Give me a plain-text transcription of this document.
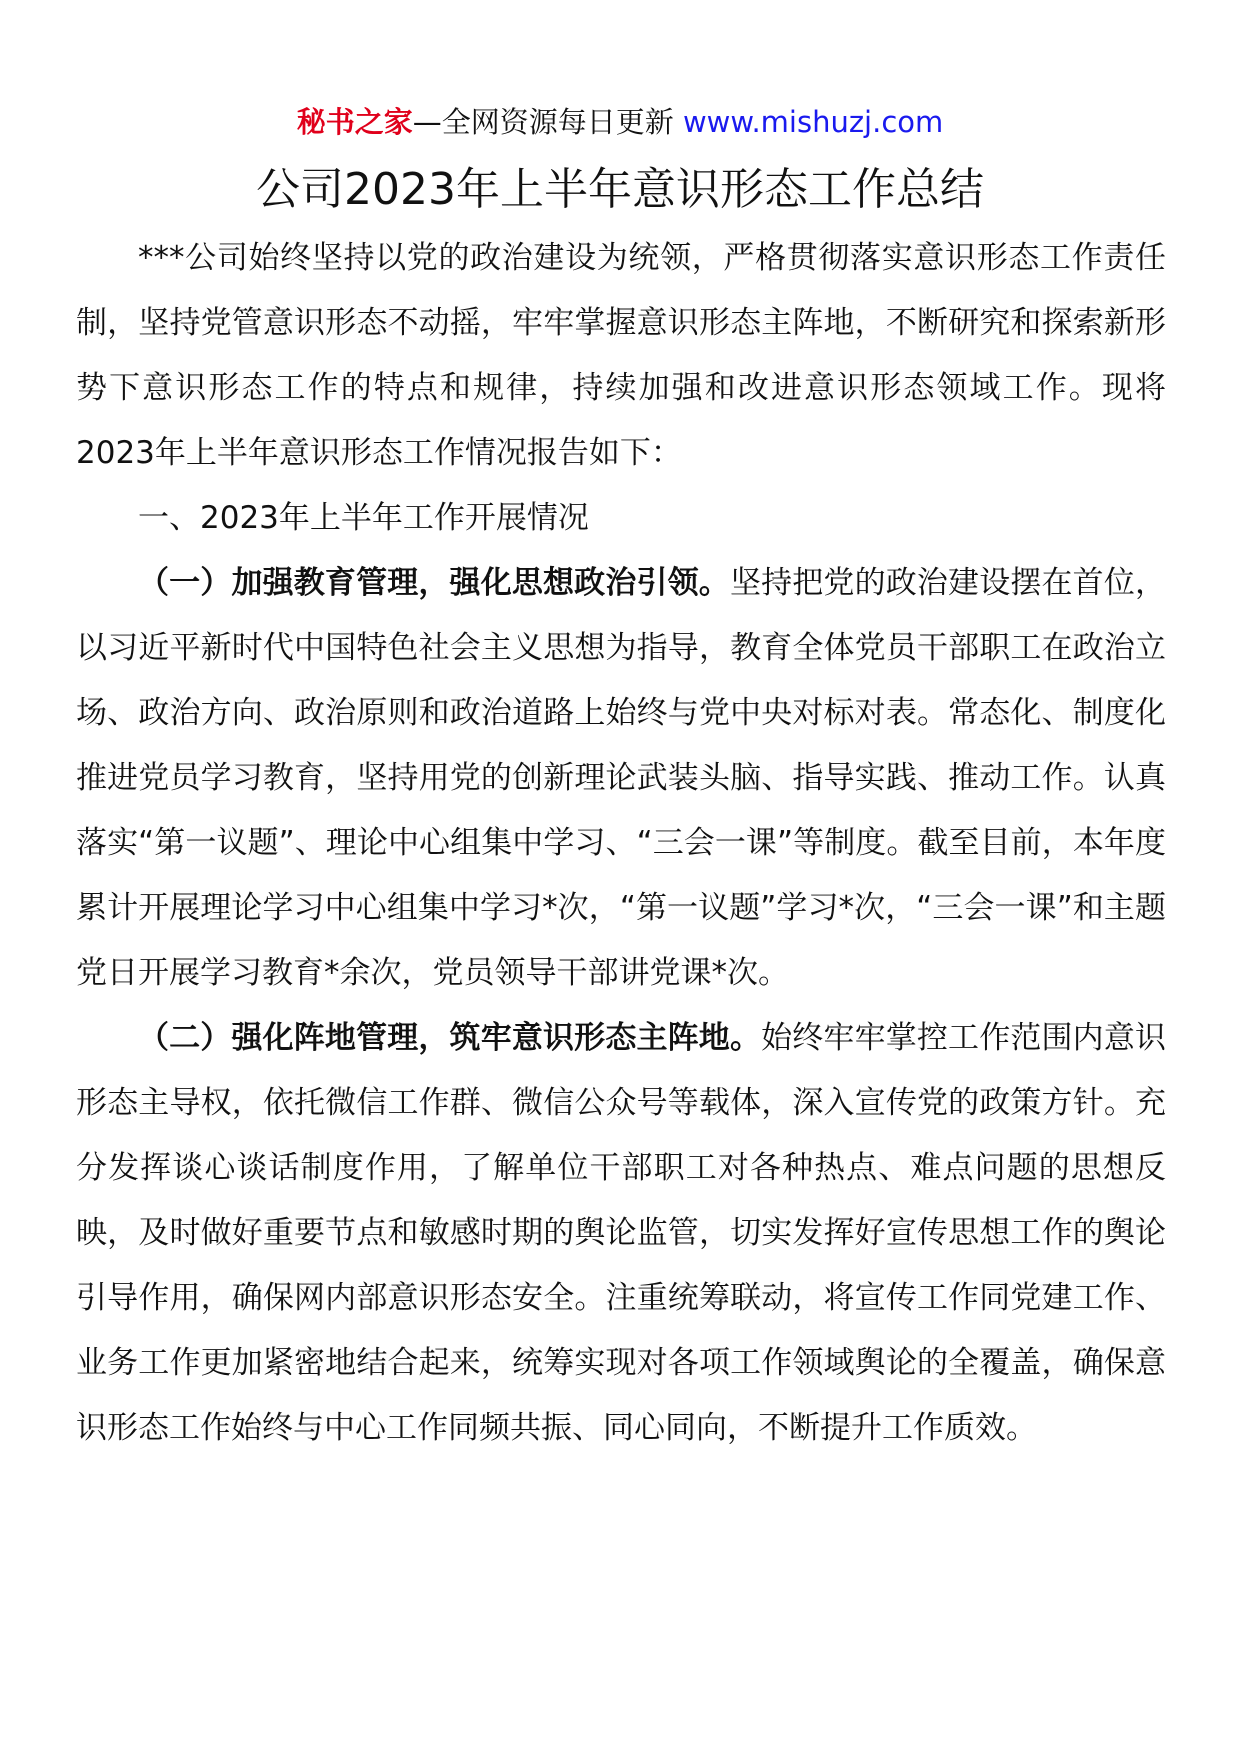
秘书之家—全网资源每日更新 www.mishuzj.com
公司2023年上半年意识形态工作总结

***公司始终坚持以党的政治建设为统领，严格贯彻落实意识形态工作责任制，坚持党管意识形态不动摇，牢牢掌握意识形态主阵地，不断研究和探索新形势下意识形态工作的特点和规律，持续加强和改进意识形态领域工作。现将2023年上半年意识形态工作情况报告如下：

一、2023年上半年工作开展情况

（一）加强教育管理，强化思想政治引领。坚持把党的政治建设摆在首位，以习近平新时代中国特色社会主义思想为指导，教育全体党员干部职工在政治立场、政治方向、政治原则和政治道路上始终与党中央对标对表。常态化、制度化推进党员学习教育，坚持用党的创新理论武装头脑、指导实践、推动工作。认真落实“第一议题”、理论中心组集中学习、“三会一课”等制度。截至目前，本年度累计开展理论学习中心组集中学习*次，“第一议题”学习*次，“三会一课”和主题党日开展学习教育*余次，党员领导干部讲党课*次。

（二）强化阵地管理，筑牢意识形态主阵地。始终牢牢掌控工作范围内意识形态主导权，依托微信工作群、微信公众号等载体，深入宣传党的政策方针。充分发挥谈心谈话制度作用，了解单位干部职工对各种热点、难点问题的思想反映，及时做好重要节点和敏感时期的舆论监管，切实发挥好宣传思想工作的舆论引导作用，确保网内部意识形态安全。注重统筹联动，将宣传工作同党建工作、业务工作更加紧密地结合起来，统筹实现对各项工作领域舆论的全覆盖，确保意识形态工作始终与中心工作同频共振、同心同向，不断提升工作质效。
